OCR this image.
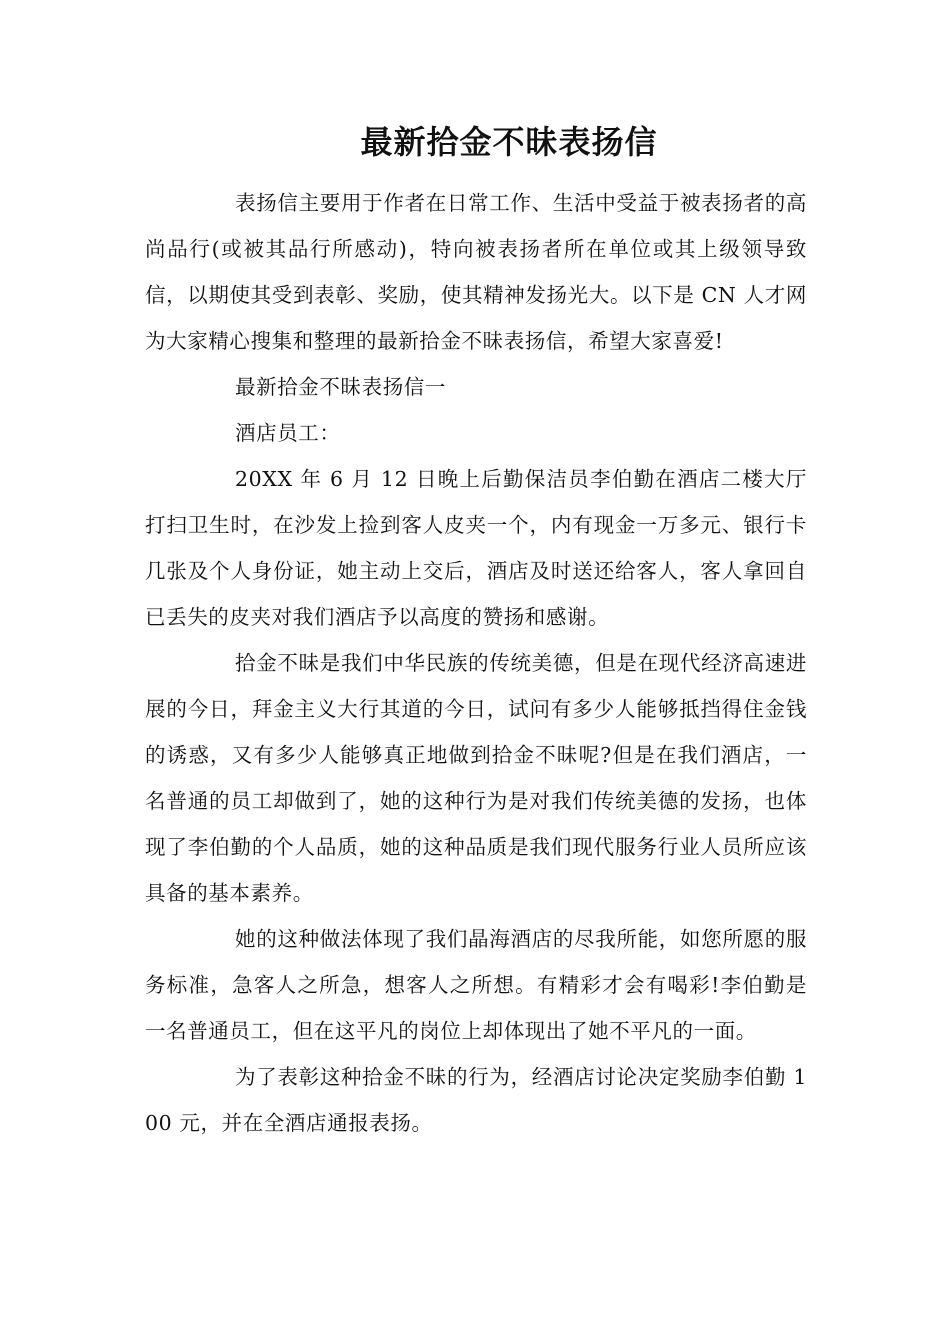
最新拾金不昧表扬信

表扬信主要用于作者在日常工作、生活中受益于被表扬者的高尚品行(或被其品行所感动)，特向被表扬者所在单位或其上级领导致信，以期使其受到表彰、奖励，使其精神发扬光大。以下是 CN 人才网为大家精心搜集和整理的最新拾金不昧表扬信，希望大家喜爱!

最新拾金不昧表扬信一

酒店员工：

20XX 年 6 月 12 日晚上后勤保洁员李伯勤在酒店二楼大厅打扫卫生时，在沙发上捡到客人皮夹一个，内有现金一万多元、银行卡几张及个人身份证，她主动上交后，酒店及时送还给客人，客人拿回自已丢失的皮夹对我们酒店予以高度的赞扬和感谢。

拾金不昧是我们中华民族的传统美德，但是在现代经济高速进展的今日，拜金主义大行其道的今日，试问有多少人能够抵挡得住金钱的诱惑，又有多少人能够真正地做到拾金不昧呢?但是在我们酒店，一名普通的员工却做到了，她的这种行为是对我们传统美德的发扬，也体现了李伯勤的个人品质，她的这种品质是我们现代服务行业人员所应该具备的基本素养。

她的这种做法体现了我们晶海酒店的尽我所能，如您所愿的服务标准，急客人之所急，想客人之所想。有精彩才会有喝彩!李伯勤是一名普通员工，但在这平凡的岗位上却体现出了她不平凡的一面。

为了表彰这种拾金不昧的行为，经酒店讨论决定奖励李伯勤 100 元，并在全酒店通报表扬。
